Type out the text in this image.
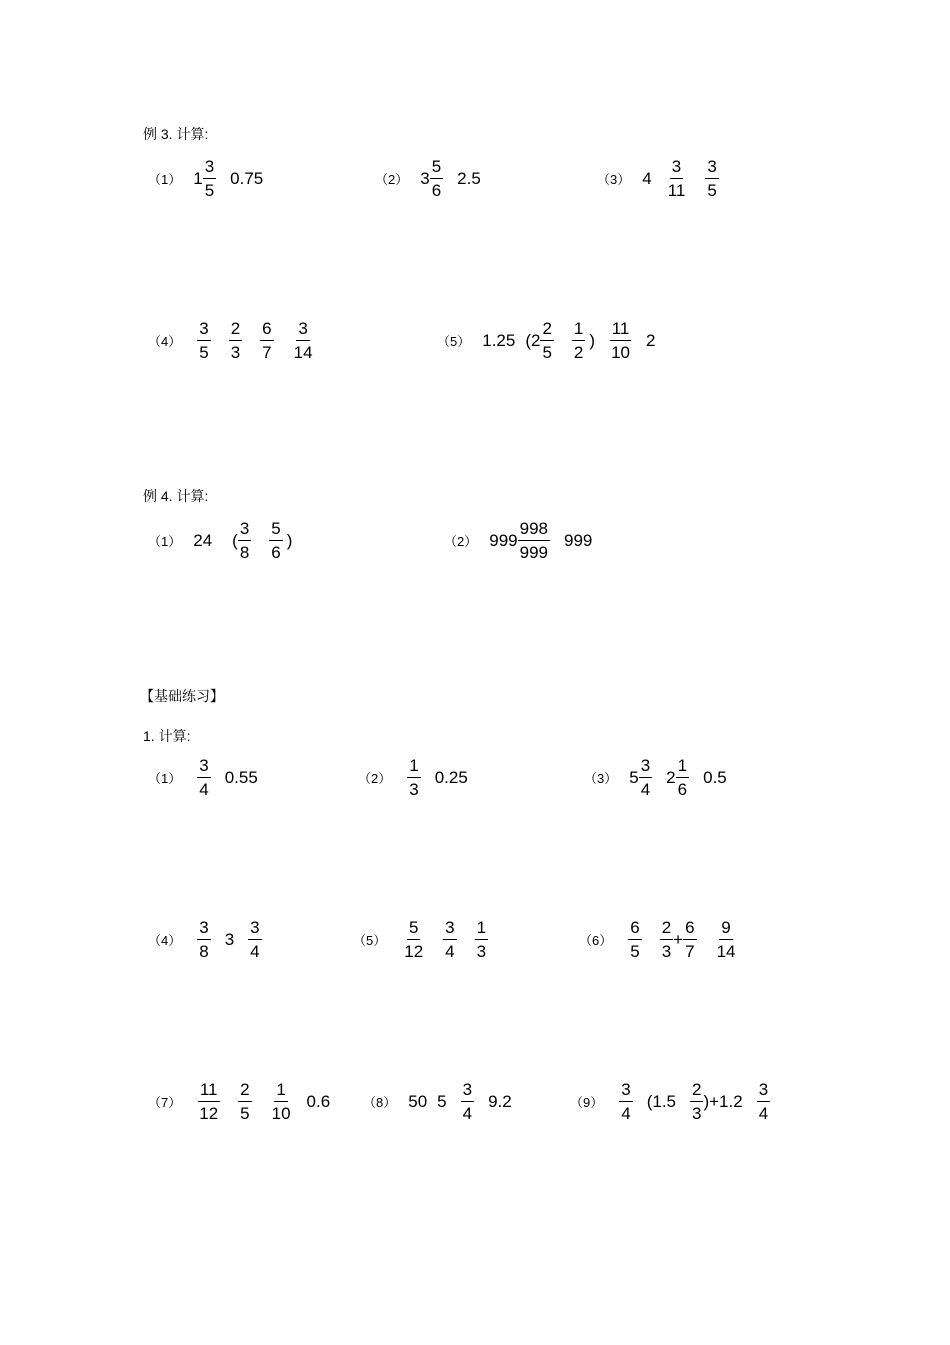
例 3. 计算:
（1） $1 \frac{3}{5} 0.75$	（2） $3 \frac{5}{6} 2.5$	（3） $4 \frac{3}{11} \frac{3}{5}$
$(4) \frac{3}{5} \frac{2}{3} \frac{6}{7} \frac{3}{14}$	（5） 1.25 ($2 \frac{2}{5} \frac{1}{2}$ ) $\frac{11}{10} 2$
例 4. 计算:
（1） 24 ( $\frac{3}{8} \frac{5}{6}$ )	（2） $999 \frac{998}{999} 999$
【基础练习】
1. 计算:
$(1) \frac{3}{4} 0.55$	$(2) \frac{1}{3} 0.25$	（3） $5 \frac{3}{4} 2 \frac{1}{6} 0.5$
$(4) \frac{3}{8} 3 \frac{3}{4}$	$(5) \frac{5}{12} \frac{3}{4} \frac{1}{3}$	$(6) \frac{6}{5} \frac{2}{3} + \frac{6}{7} \frac{9}{14}$
$(7) \frac{11}{12} \frac{2}{5} \frac{1}{10} 0.6$	（8） 50 $5 \frac{3}{4} 9.2$	$(9) \frac{3}{4} (1.5 \frac{2}{3} )+1.2 \frac{3}{4}$
